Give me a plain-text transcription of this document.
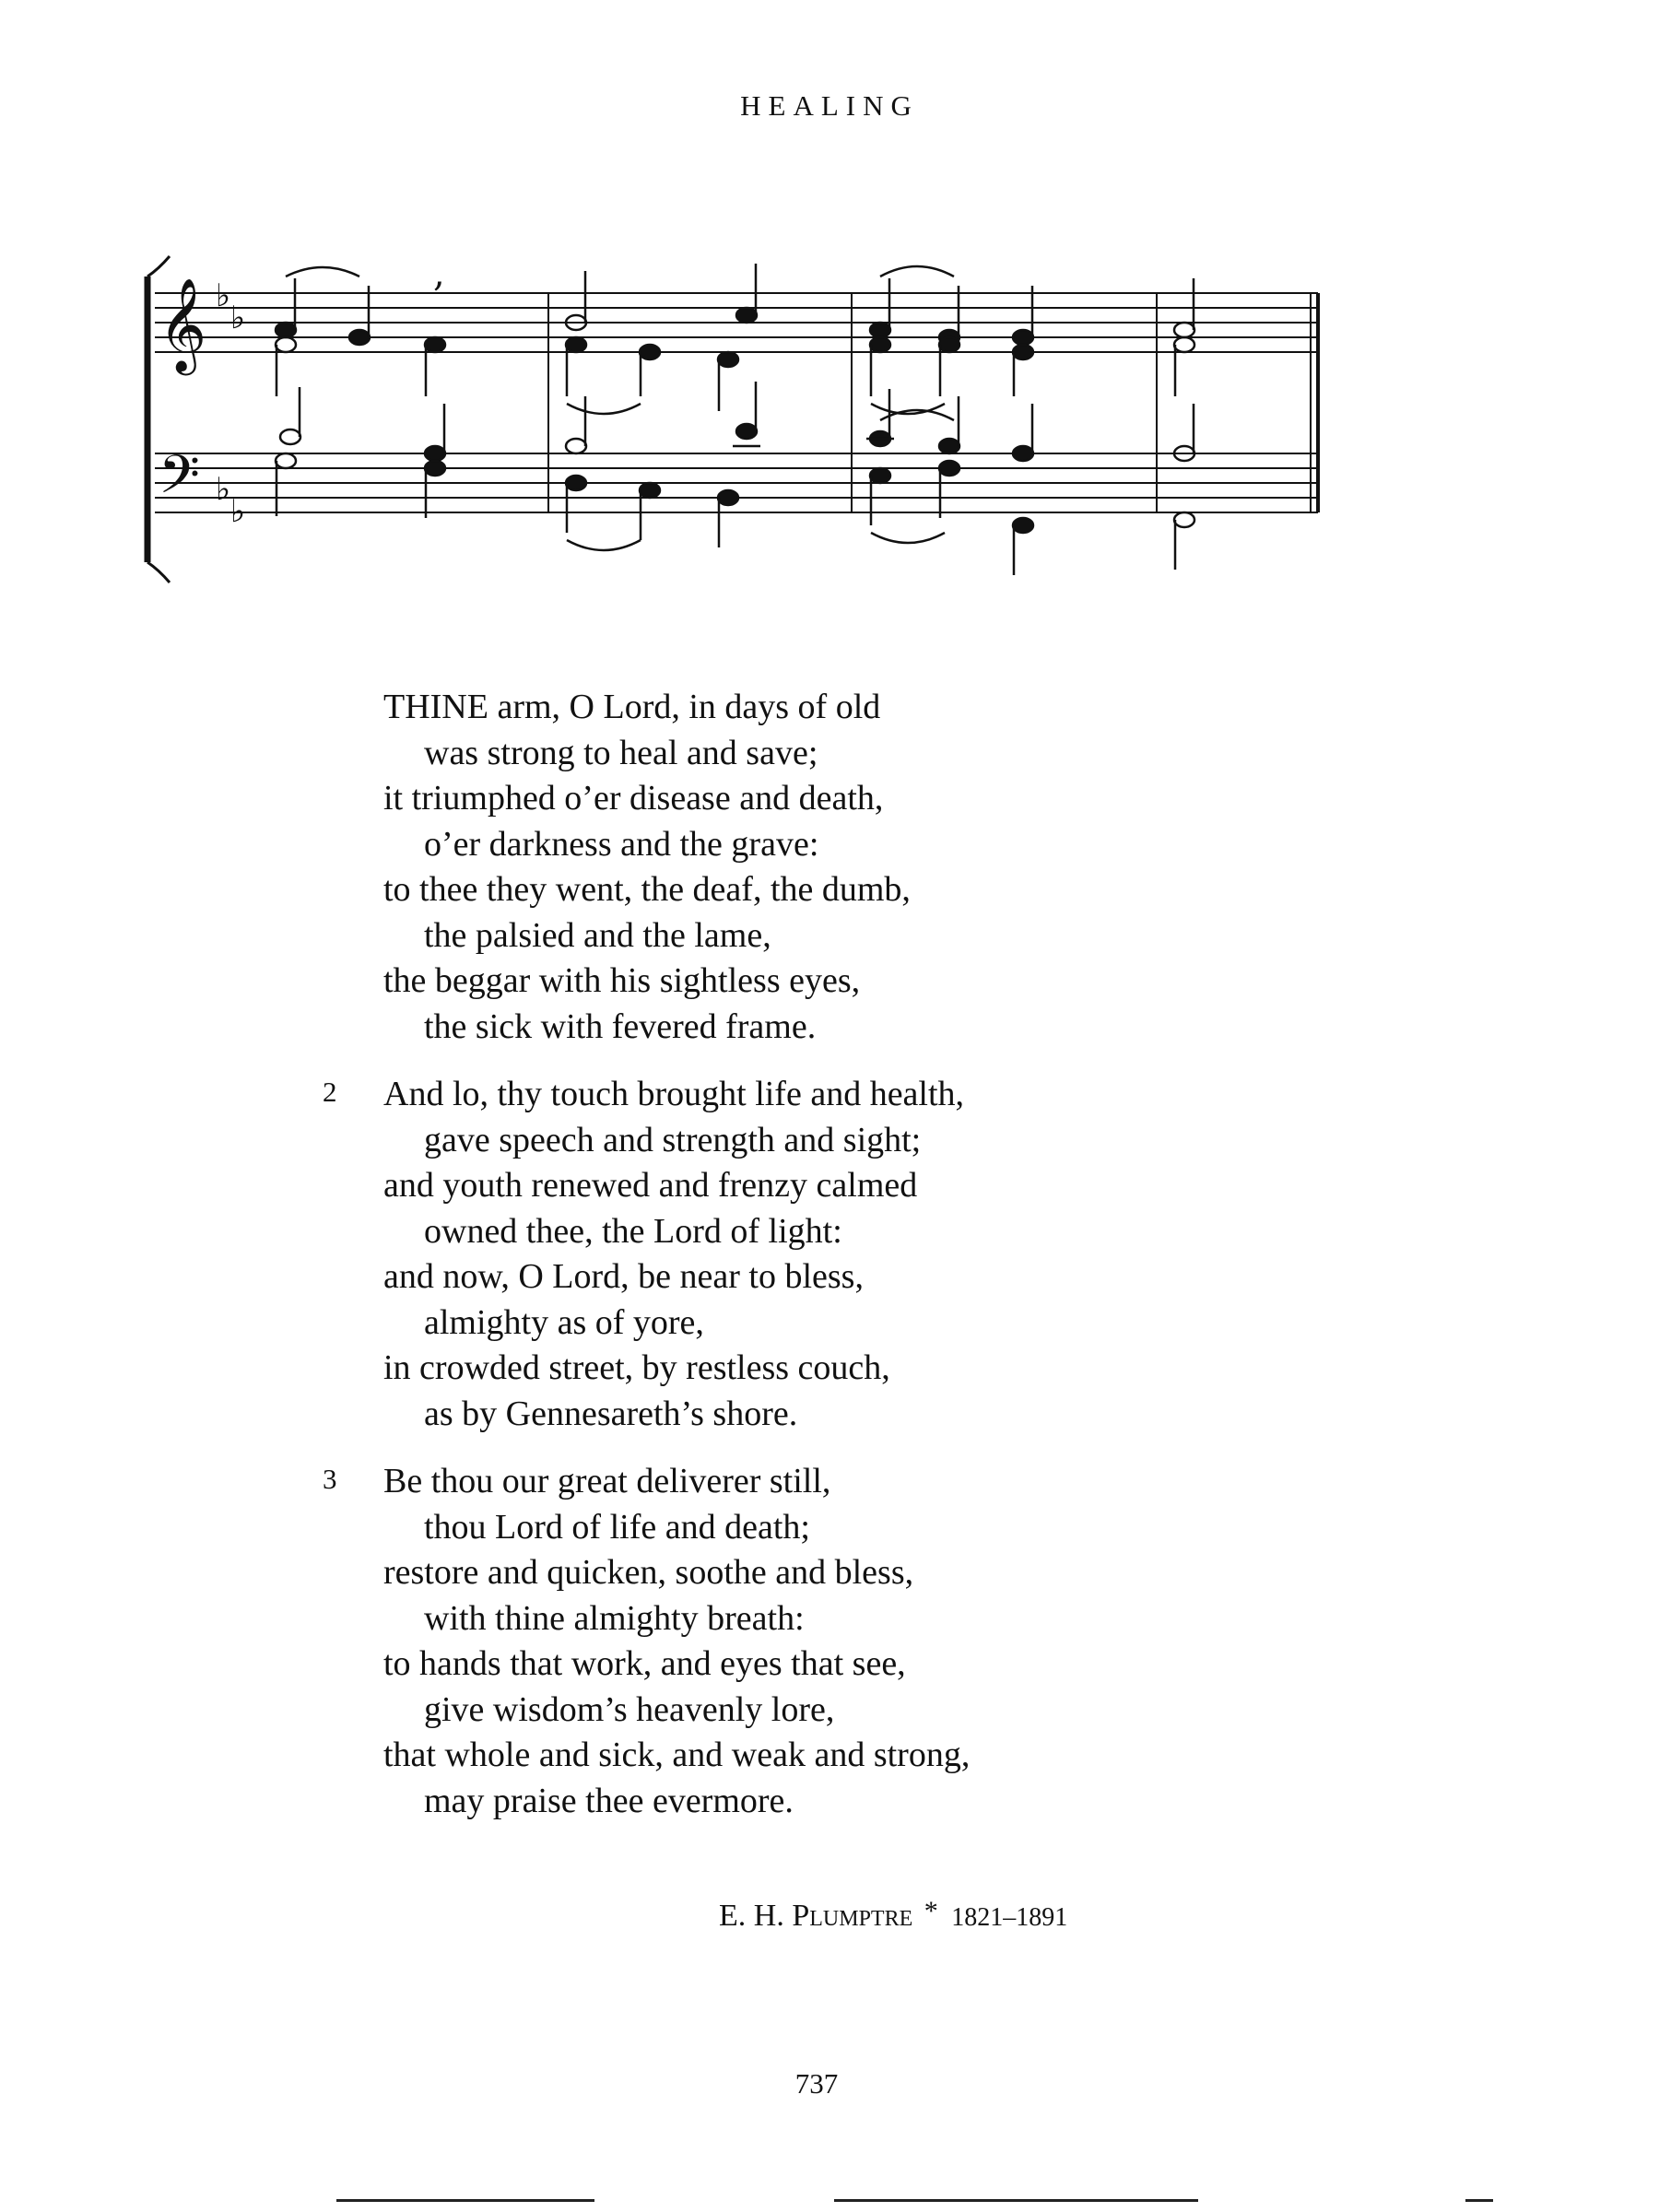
HEALING
𝄞
𝄢
♭
♭
♭
♭
,
THINE arm, O Lord, in days of old
was strong to heal and save;
it triumphed o’er disease and death,
o’er darkness and the grave:
to thee they went, the deaf, the dumb,
the palsied and the lame,
the beggar with his sightless eyes,
the sick with fevered frame.
2 And lo, thy touch brought life and health,
gave speech and strength and sight;
and youth renewed and frenzy calmed
owned thee, the Lord of light:
and now, O Lord, be near to bless,
almighty as of yore,
in crowded street, by restless couch,
as by Gennesareth’s shore.
3 Be thou our great deliverer still,
thou Lord of life and death;
restore and quicken, soothe and bless,
with thine almighty breath:
to hands that work, and eyes that see,
give wisdom’s heavenly lore,
that whole and sick, and weak and strong,
may praise thee evermore.
E. H. Plumptre * 1821–1891
737
